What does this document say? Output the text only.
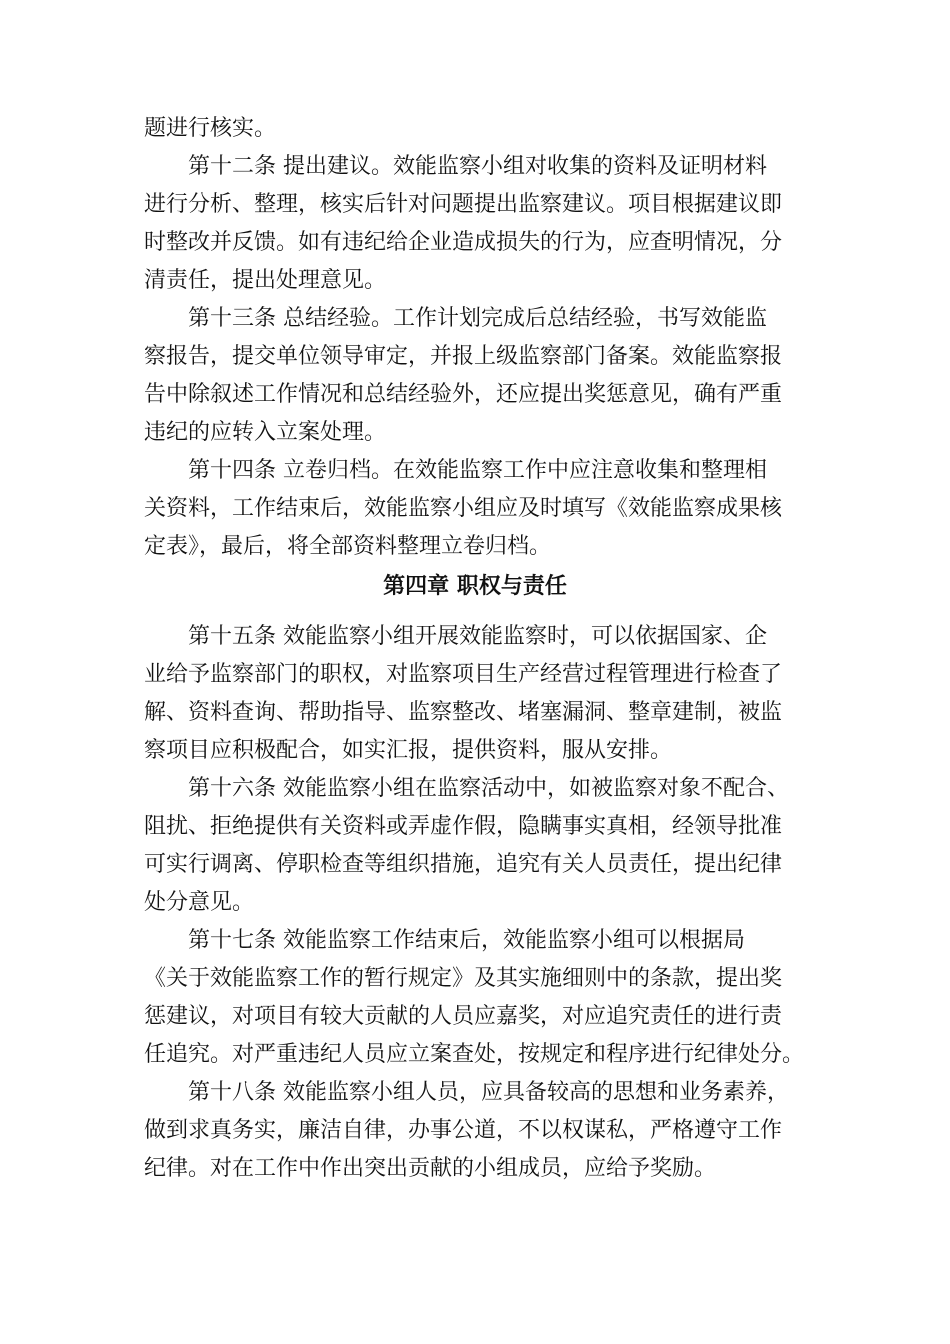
题进行核实。
第十二条 提出建议。效能监察小组对收集的资料及证明材料
进行分析、整理，核实后针对问题提出监察建议。项目根据建议即
时整改并反馈。如有违纪给企业造成损失的行为，应查明情况，分
清责任，提出处理意见。
第十三条 总结经验。工作计划完成后总结经验，书写效能监
察报告，提交单位领导审定，并报上级监察部门备案。效能监察报
告中除叙述工作情况和总结经验外，还应提出奖惩意见，确有严重
违纪的应转入立案处理。
第十四条 立卷归档。在效能监察工作中应注意收集和整理相
关资料，工作结束后，效能监察小组应及时填写《效能监察成果核
定表》，最后，将全部资料整理立卷归档。
第四章 职权与责任
第十五条 效能监察小组开展效能监察时，可以依据国家、企
业给予监察部门的职权，对监察项目生产经营过程管理进行检查了
解、资料查询、帮助指导、监察整改、堵塞漏洞、整章建制，被监
察项目应积极配合，如实汇报，提供资料，服从安排。
第十六条 效能监察小组在监察活动中，如被监察对象不配合、
阻扰、拒绝提供有关资料或弄虚作假，隐瞒事实真相，经领导批准
可实行调离、停职检查等组织措施，追究有关人员责任，提出纪律
处分意见。
第十七条 效能监察工作结束后，效能监察小组可以根据局
《关于效能监察工作的暂行规定》及其实施细则中的条款，提出奖
惩建议，对项目有较大贡献的人员应嘉奖，对应追究责任的进行责
任追究。对严重违纪人员应立案查处，按规定和程序进行纪律处分。
第十八条 效能监察小组人员，应具备较高的思想和业务素养，
做到求真务实，廉洁自律，办事公道，不以权谋私，严格遵守工作
纪律。对在工作中作出突出贡献的小组成员，应给予奖励。
